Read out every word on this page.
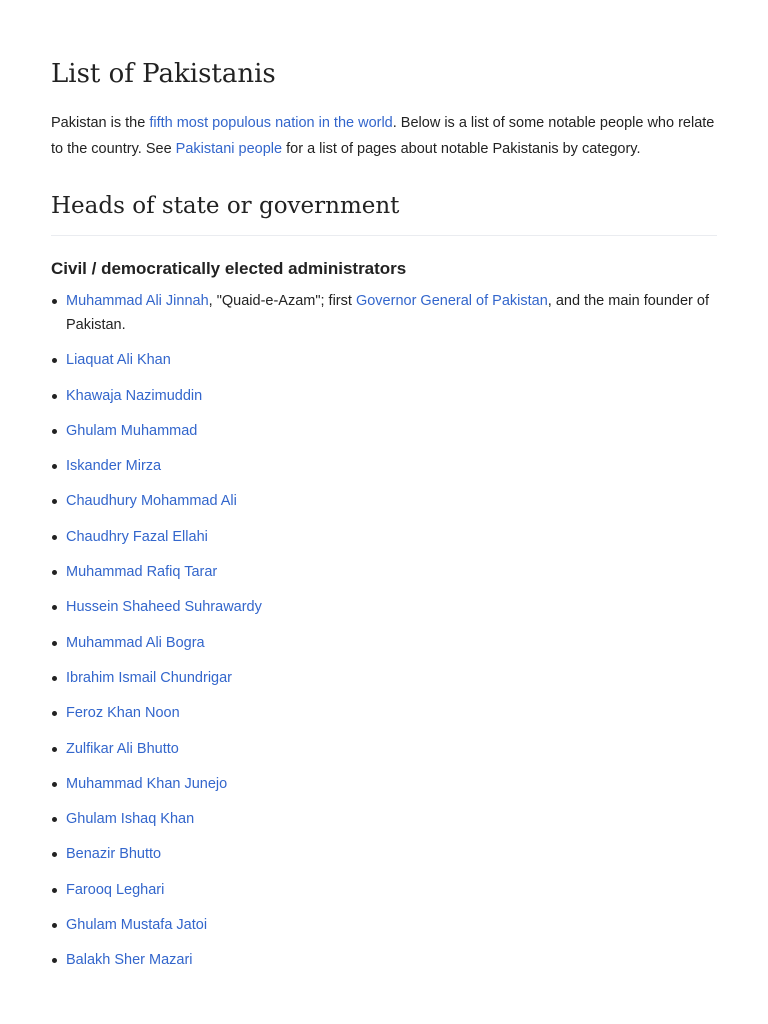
List of Pakistanis

Pakistan is the fifth most populous nation in the world. Below is a list of some notable people who relate to the country. See Pakistani people for a list of pages about notable Pakistanis by category.

Heads of state or government
Civil / democratically elected administrators
Muhammad Ali Jinnah, "Quaid-e-Azam"; first Governor General of Pakistan, and the main founder of Pakistan.
Liaquat Ali Khan
Khawaja Nazimuddin
Ghulam Muhammad
Iskander Mirza
Chaudhury Mohammad Ali
Chaudhry Fazal Ellahi
Muhammad Rafiq Tarar
Hussein Shaheed Suhrawardy
Muhammad Ali Bogra
Ibrahim Ismail Chundrigar
Feroz Khan Noon
Zulfikar Ali Bhutto
Muhammad Khan Junejo
Ghulam Ishaq Khan
Benazir Bhutto
Farooq Leghari
Ghulam Mustafa Jatoi
Balakh Sher Mazari
